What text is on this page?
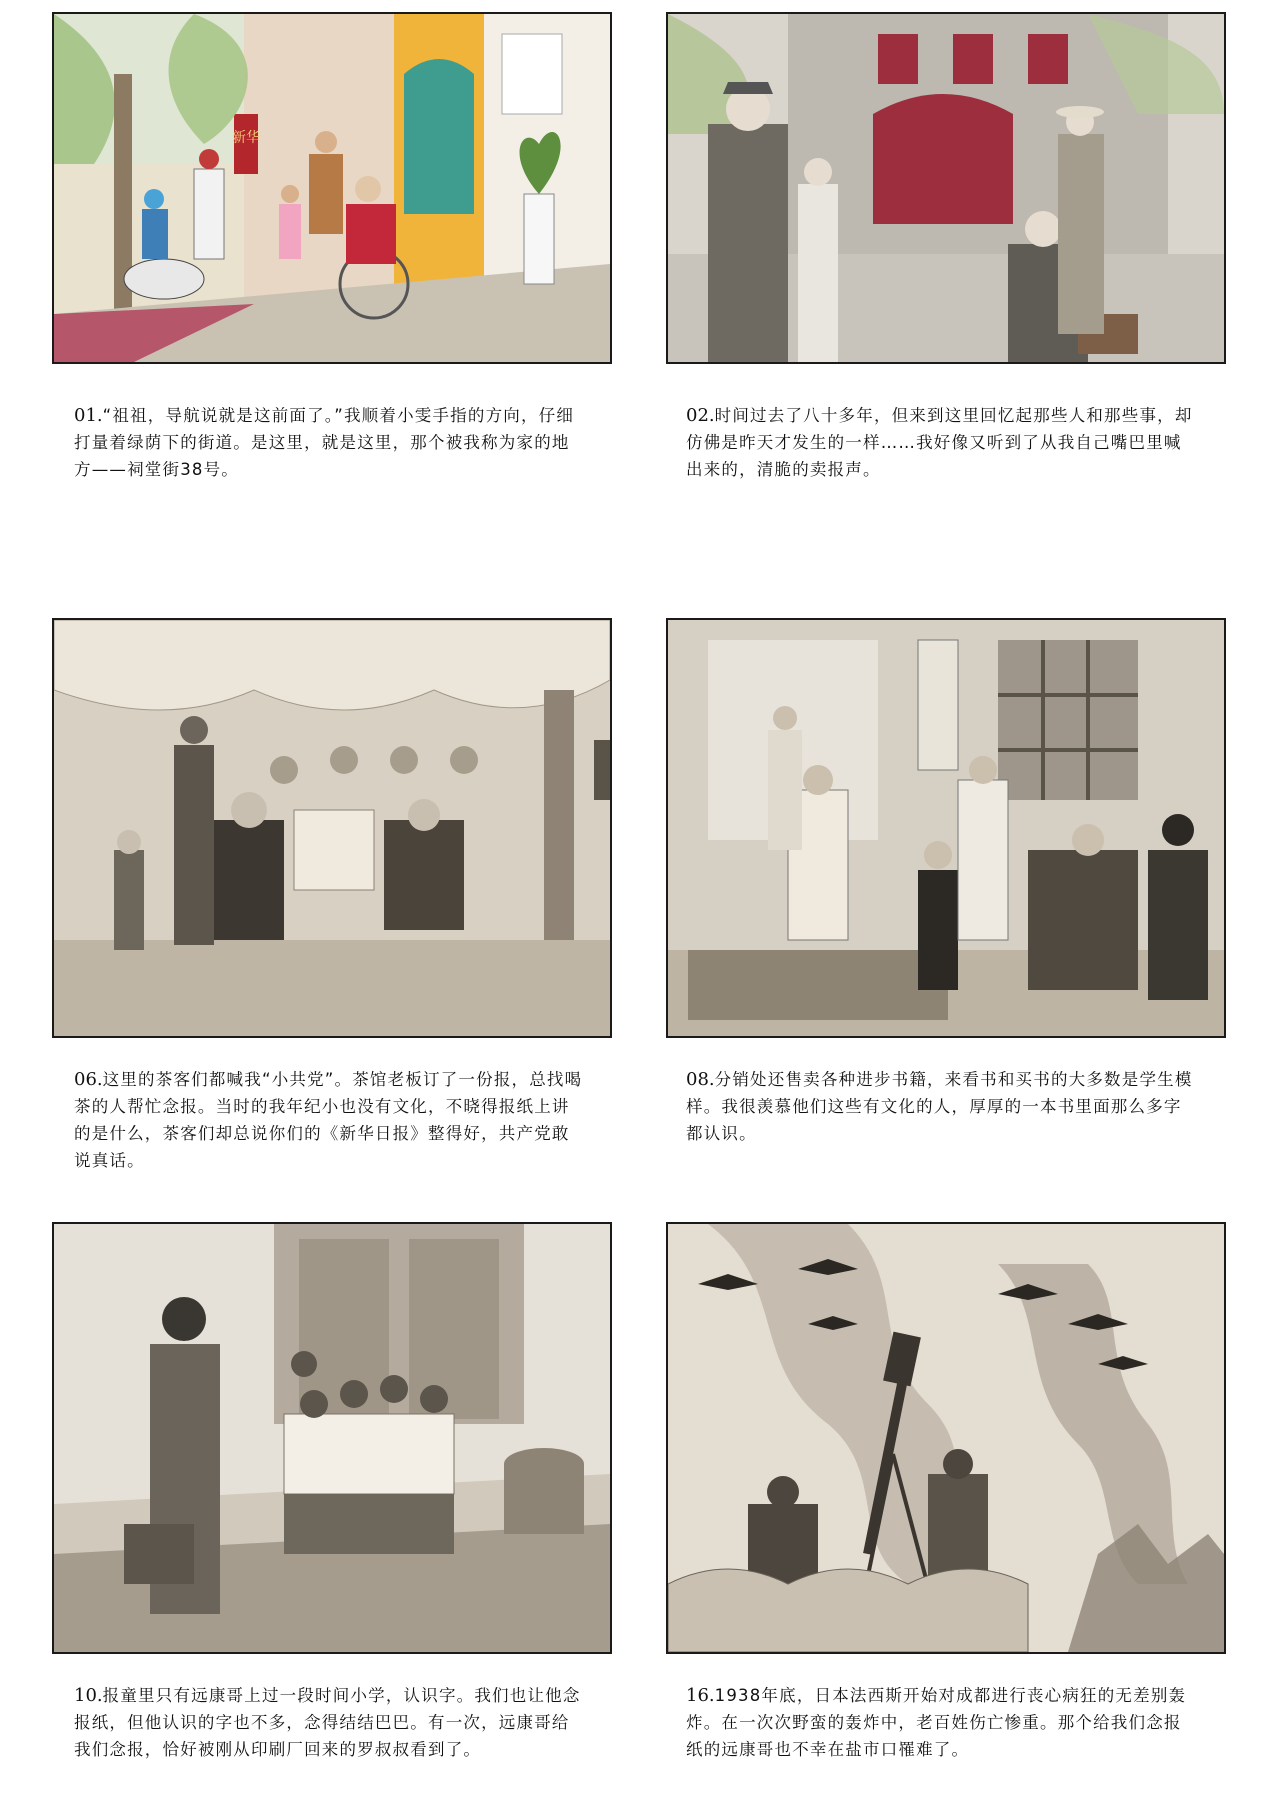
新华
01.“祖祖，导航说就是这前面了。”我顺着小雯手指的方向，仔细打量着绿荫下的街道。是这里，就是这里，那个被我称为家的地方——祠堂街38号。
02.时间过去了八十多年，但来到这里回忆起那些人和那些事，却仿佛是昨天才发生的一样……我好像又听到了从我自己嘴巴里喊出来的，清脆的卖报声。
06.这里的茶客们都喊我“小共党”。茶馆老板订了一份报，总找喝茶的人帮忙念报。当时的我年纪小也没有文化，不晓得报纸上讲的是什么，茶客们却总说你们的《新华日报》整得好，共产党敢说真话。
08.分销处还售卖各种进步书籍，来看书和买书的大多数是学生模样。我很羡慕他们这些有文化的人，厚厚的一本书里面那么多字都认识。
10.报童里只有远康哥上过一段时间小学，认识字。我们也让他念报纸，但他认识的字也不多，念得结结巴巴。有一次，远康哥给我们念报，恰好被刚从印刷厂回来的罗叔叔看到了。
16.1938年底，日本法西斯开始对成都进行丧心病狂的无差别轰炸。在一次次野蛮的轰炸中，老百姓伤亡惨重。那个给我们念报纸的远康哥也不幸在盐市口罹难了。
